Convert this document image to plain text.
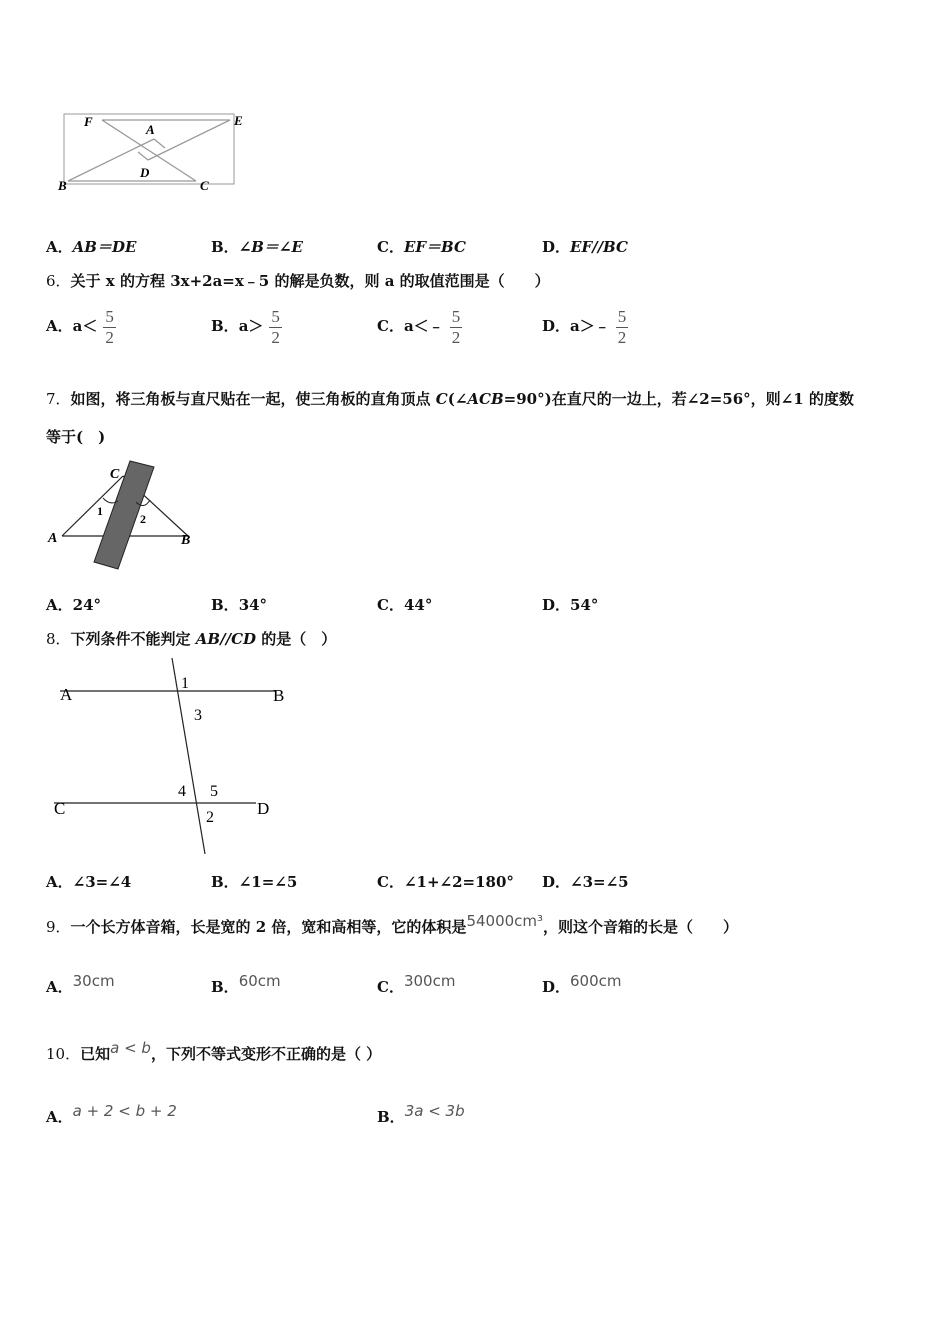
F
A
E
B
D
C
A．AB＝DE	B．∠B＝∠E	C．EF＝BC	D．EF//BC
6．关于 x 的方程 3x+2a=x﹣5 的解是负数，则 a 的取值范围是（　　）
A．$a< \frac{5}{2}$	B．$a> \frac{5}{2}$	C．a＜﹣ $\frac{5}{2}$	D．a＞﹣ $\frac{5}{2}$
7．如图，将三角板与直尺贴在一起，使三角板的直角顶点 C(∠ACB=90°)在直尺的一边上，若∠2=56°，则∠1 的度数
等于(　)
C
A	B
1
2
A．24°	B．34°	C．44°	D．54°
8．下列条件不能判定 AB//CD 的是（　）
A	B
C	D
1
3
4 5
2
A．∠3=∠4	B．∠1=∠5	C．∠1+∠2=180° D．∠3=∠5
9．一个长方体音箱，长是宽的 2 倍，宽和高相等，它的体积是54000cm³，则这个音箱的长是（　　）
A．30cm	B．60cm	C．300cm	D．600cm
10．已知a < b，下列不等式变形不正确的是（ ）
A．a + 2 < b + 2	B．3a < 3b
